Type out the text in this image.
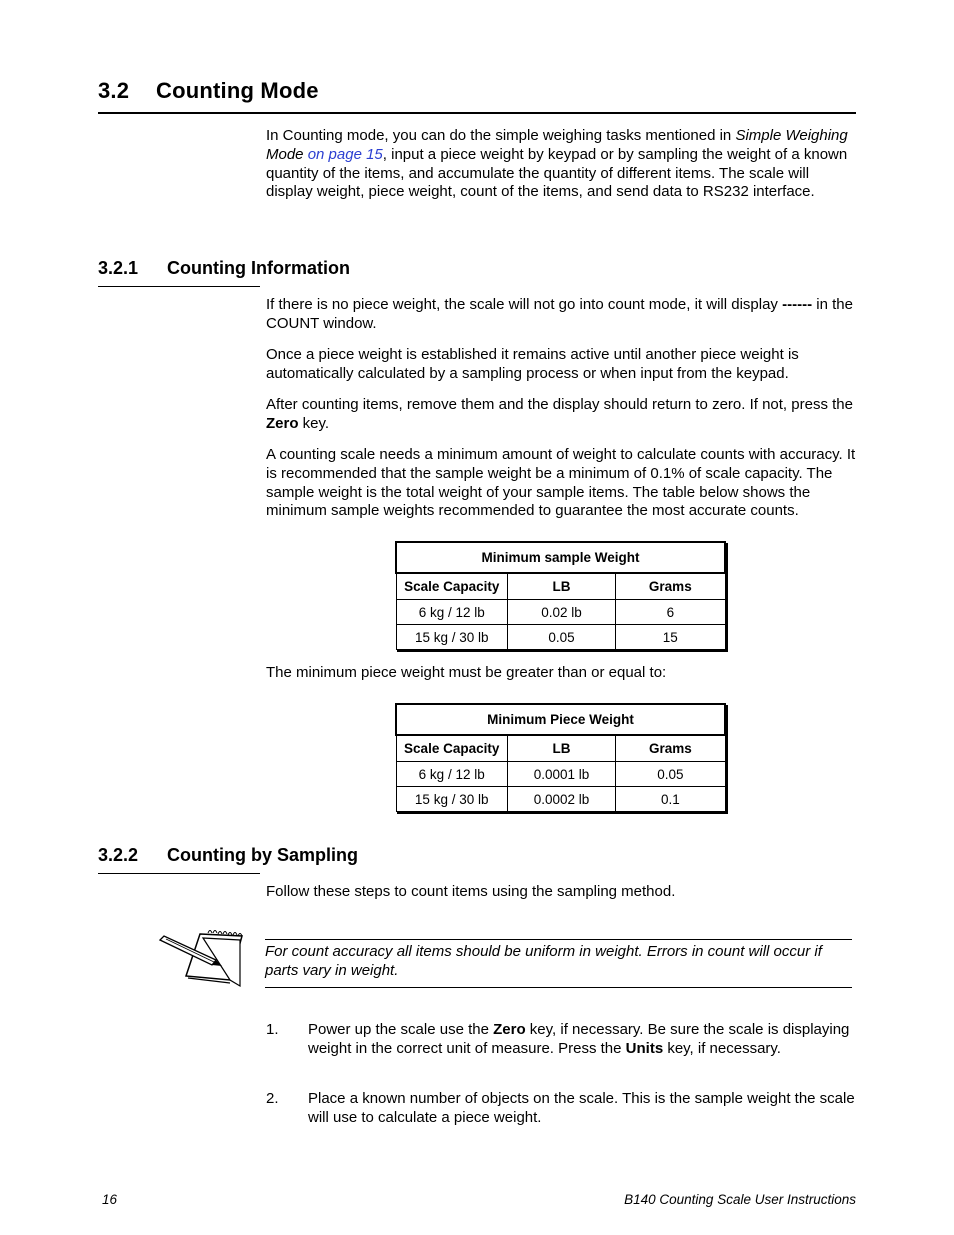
3.2 Counting Mode
In Counting mode, you can do the simple weighing tasks mentioned in Simple Weighing Mode on page 15, input a piece weight by keypad or by sampling the weight of a known quantity of the items, and accumulate the quantity of different items. The scale will display weight, piece weight, count of the items, and send data to RS232 interface.
3.2.1 Counting Information
If there is no piece weight, the scale will not go into count mode, it will display ------ in the COUNT window.
Once a piece weight is established it remains active until another piece weight is automatically calculated by a sampling process or when input from the keypad.
After counting items, remove them and the display should return to zero. If not, press the Zero key.
A counting scale needs a minimum amount of weight to calculate counts with accuracy. It is recommended that the sample weight be a minimum of 0.1% of scale capacity. The sample weight is the total weight of your sample items. The table below shows the minimum sample weights recommended to guarantee the most accurate counts.
Minimum sample Weight		
Scale Capacity	LB	Grams
6 kg / 12 lb	0.02 lb	6
15 kg / 30 lb	0.05	15
The minimum piece weight must be greater than or equal to:
Minimum Piece Weight		
Scale Capacity	LB	Grams
6 kg / 12 lb	0.0001 lb	0.05
15 kg / 30 lb	0.0002 lb	0.1
3.2.2 Counting by Sampling
Follow these steps to count items using the sampling method.
For count accuracy all items should be uniform in weight. Errors in count will occur if parts vary in weight.
1. Power up the scale use the Zero key, if necessary. Be sure the scale is displaying weight in the correct unit of measure. Press the Units key, if necessary.
2. Place a known number of objects on the scale. This is the sample weight the scale will use to calculate a piece weight.
16	B140 Counting Scale User Instructions
